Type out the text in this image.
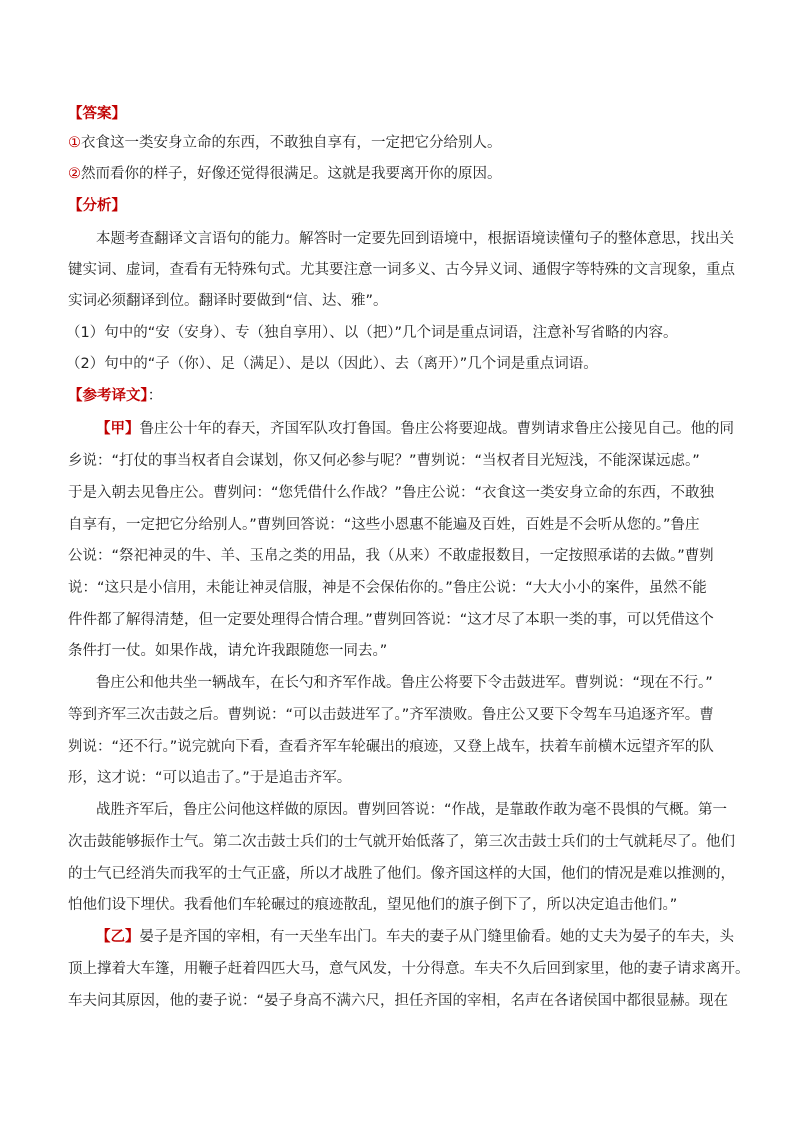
【答案】
①衣食这一类安身立命的东西，不敢独自享有，一定把它分给别人。
②然而看你的样子，好像还觉得很满足。这就是我要离开你的原因。
【分析】
本题考查翻译文言语句的能力。解答时一定要先回到语境中，根据语境读懂句子的整体意思，找出关
键实词、虚词，查看有无特殊句式。尤其要注意一词多义、古今异义词、通假字等特殊的文言现象，重点
实词必须翻译到位。翻译时要做到“信、达、雅”。
（1）句中的“安（安身）、专（独自享用）、以（把）”几个词是重点词语，注意补写省略的内容。
（2）句中的“子（你）、足（满足）、是以（因此）、去（离开）”几个词是重点词语。
【参考译文】：
【甲】鲁庄公十年的春天，齐国军队攻打鲁国。鲁庄公将要迎战。曹刿请求鲁庄公接见自己。他的同
乡说：“打仗的事当权者自会谋划，你又何必参与呢？”曹刿说：“当权者目光短浅，不能深谋远虑。”
于是入朝去见鲁庄公。曹刿问：“您凭借什么作战？”鲁庄公说：“衣食这一类安身立命的东西，不敢独
自享有，一定把它分给别人。”曹刿回答说：“这些小恩惠不能遍及百姓，百姓是不会听从您的。”鲁庄
公说：“祭祀神灵的牛、羊、玉帛之类的用品，我（从来）不敢虚报数目，一定按照承诺的去做。”曹刿
说：“这只是小信用，未能让神灵信服，神是不会保佑你的。”鲁庄公说：“大大小小的案件，虽然不能
件件都了解得清楚，但一定要处理得合情合理。”曹刿回答说：“这才尽了本职一类的事，可以凭借这个
条件打一仗。如果作战，请允许我跟随您一同去。”
鲁庄公和他共坐一辆战车，在长勺和齐军作战。鲁庄公将要下令击鼓进军。曹刿说：“现在不行。”
等到齐军三次击鼓之后。曹刿说：“可以击鼓进军了。”齐军溃败。鲁庄公又要下令驾车马追逐齐军。曹
刿说：“还不行。”说完就向下看，查看齐军车轮碾出的痕迹，又登上战车，扶着车前横木远望齐军的队
形，这才说：“可以追击了。”于是追击齐军。
战胜齐军后，鲁庄公问他这样做的原因。曹刿回答说：“作战，是靠敢作敢为毫不畏惧的气概。第一
次击鼓能够振作士气。第二次击鼓士兵们的士气就开始低落了，第三次击鼓士兵们的士气就耗尽了。他们
的士气已经消失而我军的士气正盛，所以才战胜了他们。像齐国这样的大国，他们的情况是难以推测的，
怕他们设下埋伏。我看他们车轮碾过的痕迹散乱，望见他们的旗子倒下了，所以决定追击他们。”
【乙】晏子是齐国的宰相，有一天坐车出门。车夫的妻子从门缝里偷看。她的丈夫为晏子的车夫，头
顶上撑着大车篷，用鞭子赶着四匹大马，意气风发，十分得意。车夫不久后回到家里，他的妻子请求离开。
车夫问其原因，他的妻子说：“晏子身高不满六尺，担任齐国的宰相，名声在各诸侯国中都很显赫。现在
